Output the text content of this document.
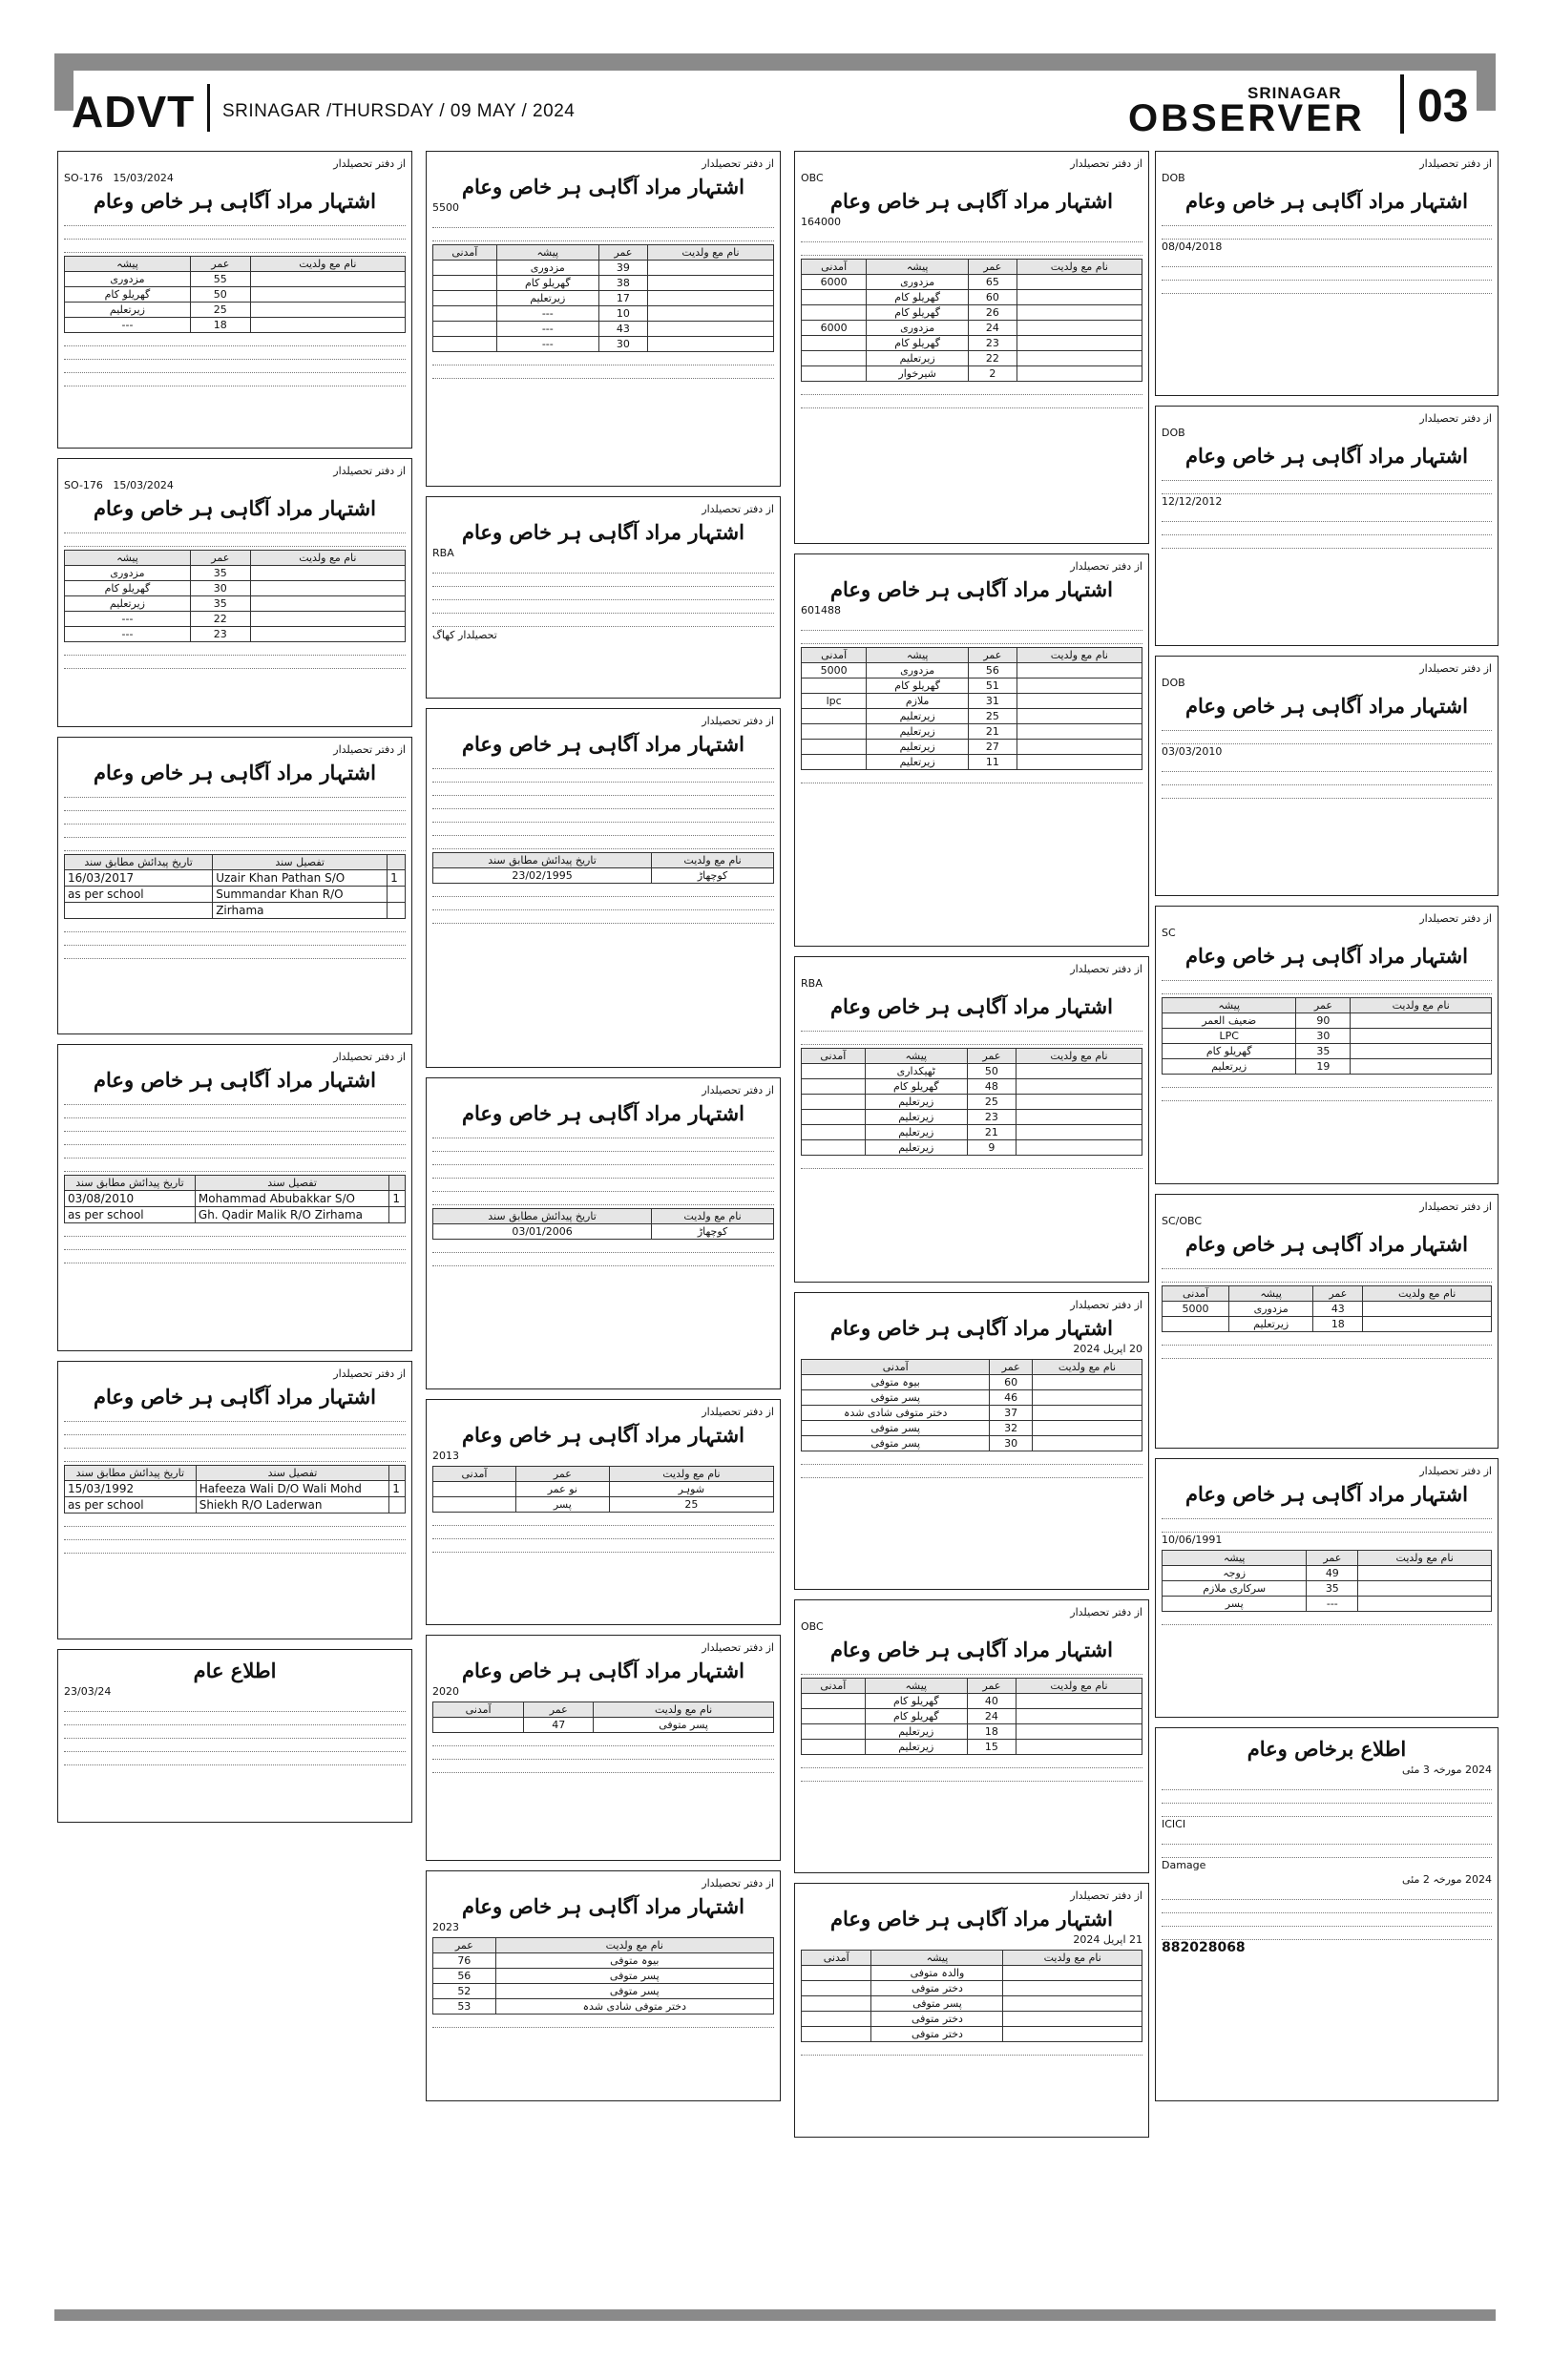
ADVT SRINAGAR /THURSDAY / 09 MAY / 2024
SRINAGAR
OBSERVER 03
از دفتر تحصیلدار
SO-176 15/03/2024
اشتہار مراد آگاہی ہر خاص وعام
پیشہ	عمر	نام مع ولدیت
مزدوری	55	
گھریلو کام	50	
زیرتعلیم	25	
---	18	
از دفتر تحصیلدار
SO-176 15/03/2024
اشتہار مراد آگاہی ہر خاص وعام
پیشہ	عمر	نام مع ولدیت
مزدوری	35	
گھریلو کام	30	
زیرتعلیم	35	
---	22	
---	23	
از دفتر تحصیلدار
اشتہار مراد آگاہی ہر خاص وعام
تاریخ پیدائش مطابق سند	تفصیل سند	
16/03/2017	Uzair Khan Pathan S/O	1
as per school	Summandar Khan R/O	
	Zirhama	
از دفتر تحصیلدار
اشتہار مراد آگاہی ہر خاص وعام
تاریخ پیدائش مطابق سند	تفصیل سند	
03/08/2010	Mohammad Abubakkar S/O	1
as per school	Gh. Qadir Malik R/O Zirhama	
از دفتر تحصیلدار
اشتہار مراد آگاہی ہر خاص وعام
تاریخ پیدائش مطابق سند	تفصیل سند	
15/03/1992	Hafeeza Wali D/O Wali Mohd	1
as per school	Shiekh R/O Laderwan	
اطلاع عام
23/03/24
از دفتر تحصیلدار
اشتہار مراد آگاہی ہر خاص وعام
5500
آمدنی	پیشہ	عمر	نام مع ولدیت
	مزدوری	39	
	گھریلو کام	38	
	زیرتعلیم	17	
	---	10	
	---	43	
	---	30	
از دفتر تحصیلدار
اشتہار مراد آگاہی ہر خاص وعام
RBA
تحصیلدار کھاگ
از دفتر تحصیلدار
اشتہار مراد آگاہی ہر خاص وعام
تاریخ پیدائش مطابق سند	نام مع ولدیت
23/02/1995	کوچھاڑ
از دفتر تحصیلدار
اشتہار مراد آگاہی ہر خاص وعام
تاریخ پیدائش مطابق سند	نام مع ولدیت
03/01/2006	کوچھاڑ
از دفتر تحصیلدار
اشتہار مراد آگاہی ہر خاص وعام
2013
آمدنی	عمر	نام مع ولدیت
	نو عمر	شوہر
	پسر	25
از دفتر تحصیلدار
اشتہار مراد آگاہی ہر خاص وعام
2020
آمدنی	عمر	نام مع ولدیت
	47	پسر متوفی
از دفتر تحصیلدار
اشتہار مراد آگاہی ہر خاص وعام
2023
عمر	نام مع ولدیت
76	بیوہ متوفی
56	پسر متوفی
52	پسر متوفی
53	دختر متوفی شادی شدہ
از دفتر تحصیلدار
OBC
اشتہار مراد آگاہی ہر خاص وعام
164000
آمدنی	پیشہ	عمر	نام مع ولدیت
6000	مزدوری	65	
	گھریلو کام	60	
	گھریلو کام	26	
6000	مزدوری	24	
	گھریلو کام	23	
	زیرتعلیم	22	
	شیرخوار	2	
از دفتر تحصیلدار
اشتہار مراد آگاہی ہر خاص وعام
601488
آمدنی	پیشہ	عمر	نام مع ولدیت
5000	مزدوری	56	
	گھریلو کام	51	
lpc	ملازم	31	
	زیرتعلیم	25	
	زیرتعلیم	21	
	زیرتعلیم	27	
	زیرتعلیم	11	
از دفتر تحصیلدار
RBA
اشتہار مراد آگاہی ہر خاص وعام
آمدنی	پیشہ	عمر	نام مع ولدیت
	ٹھیکداری	50	
	گھریلو کام	48	
	زیرتعلیم	25	
	زیرتعلیم	23	
	زیرتعلیم	21	
	زیرتعلیم	9	
از دفتر تحصیلدار
اشتہار مراد آگاہی ہر خاص وعام
20 اپریل 2024
آمدنی	عمر	نام مع ولدیت
بیوہ متوفی	60	
پسر متوفی	46	
دختر متوفی شادی شدہ	37	
پسر متوفی	32	
پسر متوفی	30	
از دفتر تحصیلدار
OBC
اشتہار مراد آگاہی ہر خاص وعام
آمدنی	پیشہ	عمر	نام مع ولدیت
	گھریلو کام	40	
	گھریلو کام	24	
	زیرتعلیم	18	
	زیرتعلیم	15	
از دفتر تحصیلدار
اشتہار مراد آگاہی ہر خاص وعام
21 اپریل 2024
آمدنی	پیشہ	نام مع ولدیت
	والدہ متوفی	
	دختر متوفی	
	پسر متوفی	
	دختر متوفی	
	دختر متوفی	
از دفتر تحصیلدار
DOB
اشتہار مراد آگاہی ہر خاص وعام
08/04/2018
از دفتر تحصیلدار
DOB
اشتہار مراد آگاہی ہر خاص وعام
12/12/2012
از دفتر تحصیلدار
DOB
اشتہار مراد آگاہی ہر خاص وعام
03/03/2010
از دفتر تحصیلدار
SC
اشتہار مراد آگاہی ہر خاص وعام
پیشہ	عمر	نام مع ولدیت
ضعیف العمر	90	
LPC	30	
گھریلو کام	35	
زیرتعلیم	19	
از دفتر تحصیلدار
SC/OBC
اشتہار مراد آگاہی ہر خاص وعام
آمدنی	پیشہ	عمر	نام مع ولدیت
5000	مزدوری	43	
	زیرتعلیم	18	
از دفتر تحصیلدار
اشتہار مراد آگاہی ہر خاص وعام
10/06/1991
پیشہ	عمر	نام مع ولدیت
زوجہ	49	
سرکاری ملازم	35	
پسر	---	
اطلاع برخاص وعام
2024 مورخہ 3 مئی
ICICI
Damage
2024 مورخہ 2 مئی
882028068
